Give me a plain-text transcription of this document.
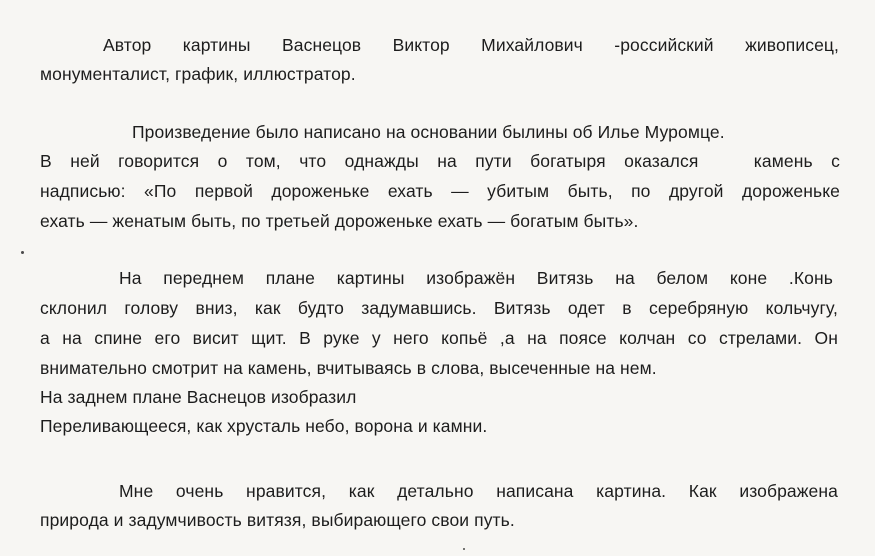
Автор картины Васнецов Виктор Михайлович -российский живописец,
монументалист, график, иллюстратор.
Произведение было написано на основании былины об Илье Муромце.
В ней говорится о том, что однажды на пути богатыря оказался   камень с
надписью: «По первой дороженьке ехать — убитым быть, по другой дороженьке
ехать — женатым быть, по третьей дороженьке ехать — богатым быть».
На переднем плане картины изображён Витязь на белом коне .Конь
склонил голову вниз, как будто задумавшись. Витязь одет в серебряную кольчугу,
а на спине его висит щит. В руке у него копьё ,а на поясе колчан со стрелами. Он
внимательно смотрит на камень, вчитываясь в слова, высеченные на нем.
На заднем плане Васнецов изобразил
Переливающееся, как хрусталь небо, ворона и камни.
Мне очень нравится, как детально написана картина. Как изображена
природа и задумчивость витязя, выбирающего свои путь.
